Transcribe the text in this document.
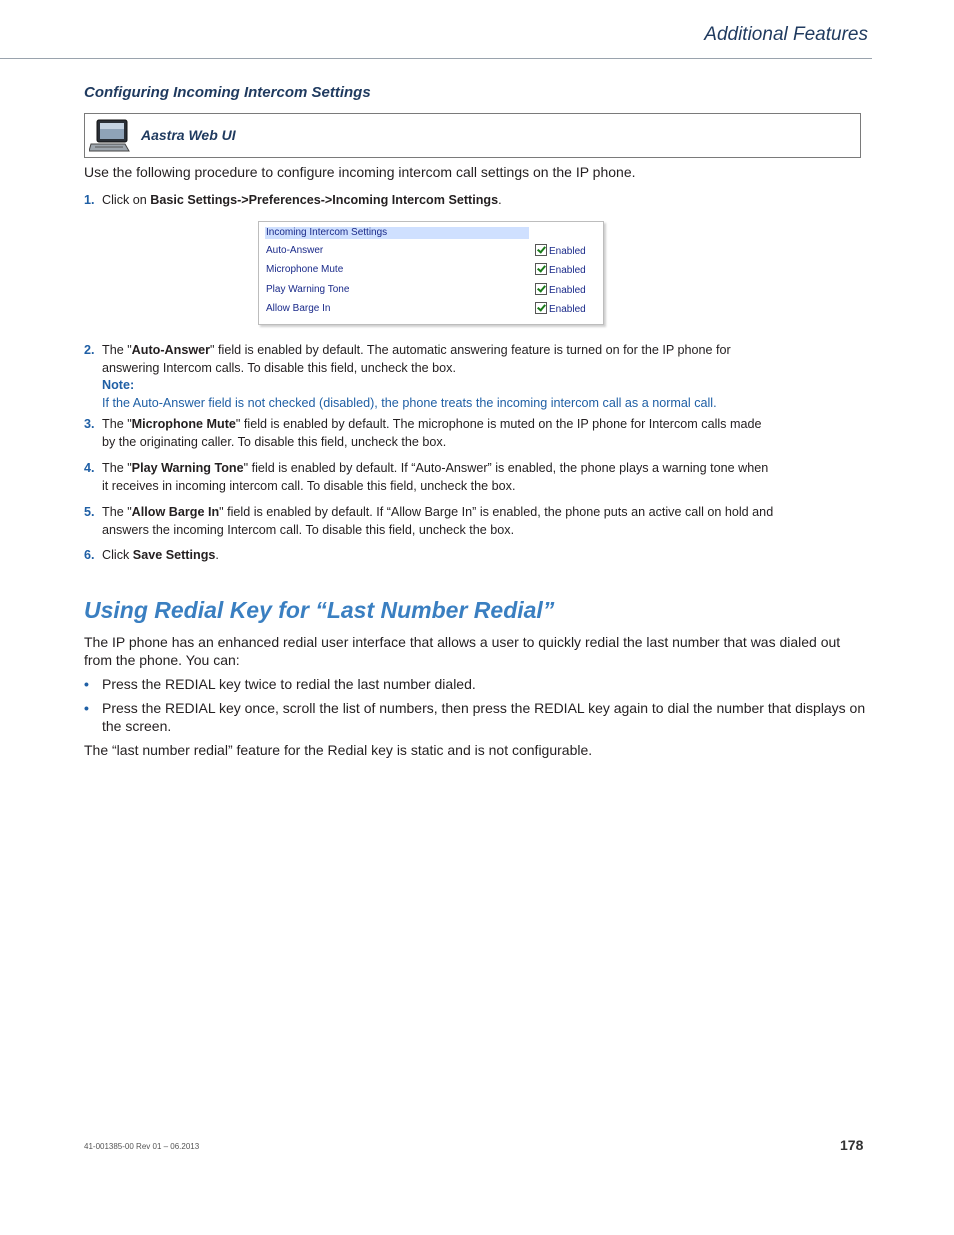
Additional Features
Configuring Incoming Intercom Settings
Aastra Web UI
Use the following procedure to configure incoming intercom call settings on the IP phone.
1. Click on Basic Settings->Preferences->Incoming Intercom Settings.
Incoming Intercom Settings
Auto-Answer	Enabled
Microphone Mute	Enabled
Play Warning Tone	Enabled
Allow Barge In	Enabled
2. The "Auto-Answer" field is enabled by default. The automatic answering feature is turned on for the IP phone for answering Intercom calls. To disable this field, uncheck the box.
Note:
If the Auto-Answer field is not checked (disabled), the phone treats the incoming intercom call as a normal call.
3. The "Microphone Mute" field is enabled by default. The microphone is muted on the IP phone for Intercom calls made by the originating caller. To disable this field, uncheck the box.
4. The "Play Warning Tone" field is enabled by default. If “Auto-Answer” is enabled, the phone plays a warning tone when it receives in incoming intercom call. To disable this field, uncheck the box.
5. The "Allow Barge In" field is enabled by default. If “Allow Barge In” is enabled, the phone puts an active call on hold and answers the incoming Intercom call. To disable this field, uncheck the box.
6. Click Save Settings.
Using Redial Key for “Last Number Redial”
The IP phone has an enhanced redial user interface that allows a user to quickly redial the last number that was dialed out from the phone. You can:
• Press the REDIAL key twice to redial the last number dialed.
• Press the REDIAL key once, scroll the list of numbers, then press the REDIAL key again to dial the number that displays on the screen.
The “last number redial” feature for the Redial key is static and is not configurable.
41-001385-00 Rev 01 – 06.2013	178
